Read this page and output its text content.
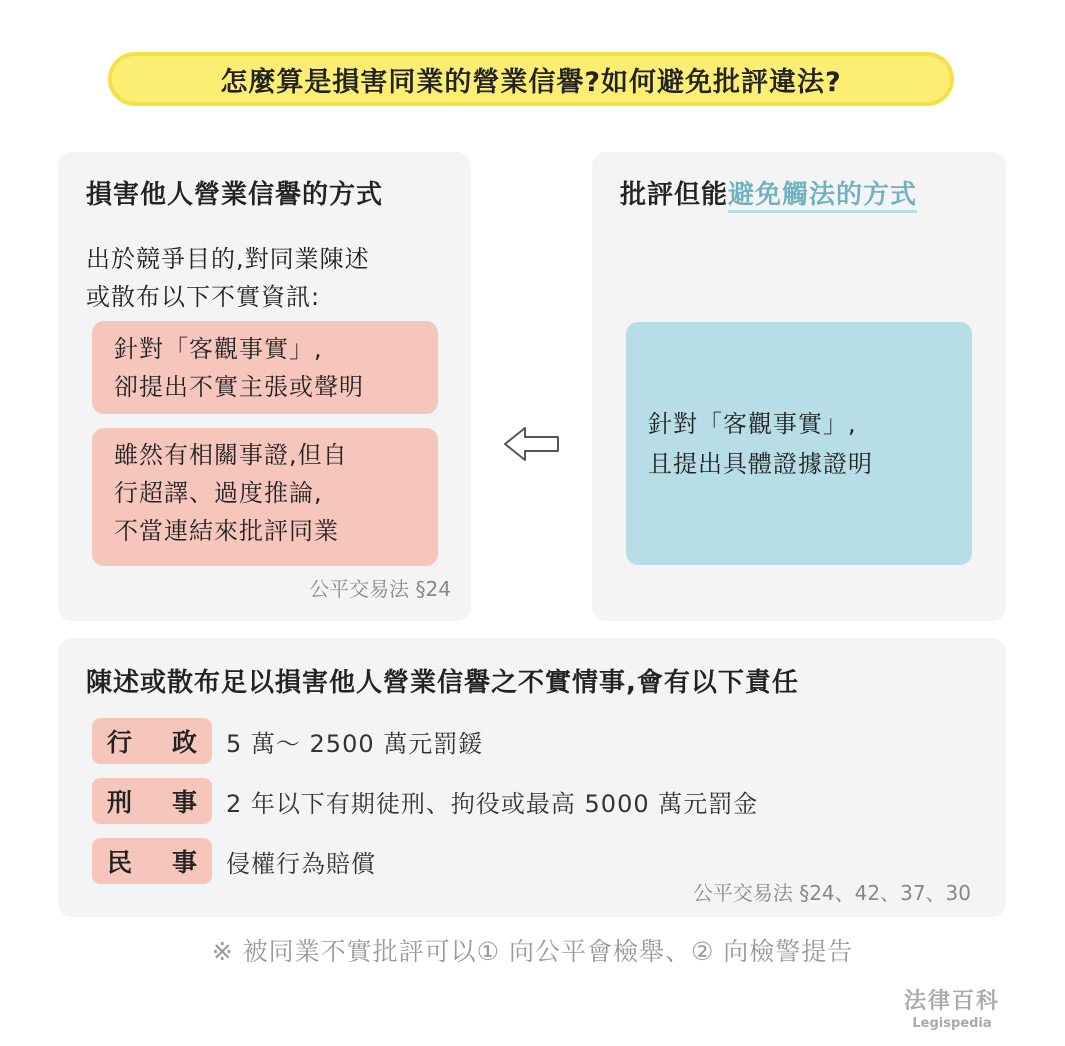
怎麼算是損害同業的營業信譽?如何避免批評違法?
損害他人營業信譽的方式
出於競爭目的,對同業陳述
或散布以下不實資訊:
針對「客觀事實」,
卻提出不實主張或聲明
雖然有相關事證,但自
行超譯、過度推論,
不當連結來批評同業
公平交易法 §24
批評但能避免觸法的方式
針對「客觀事實」,
且提出具體證據證明
陳述或散布足以損害他人營業信譽之不實情事,會有以下責任
行 政 5 萬〜 2500 萬元罰鍰
刑 事 2 年以下有期徒刑、拘役或最高 5000 萬元罰金
民 事 侵權行為賠償
公平交易法 §24、42、37、30
※ 被同業不實批評可以① 向公平會檢舉、② 向檢警提告
法律百科
Legispedia
